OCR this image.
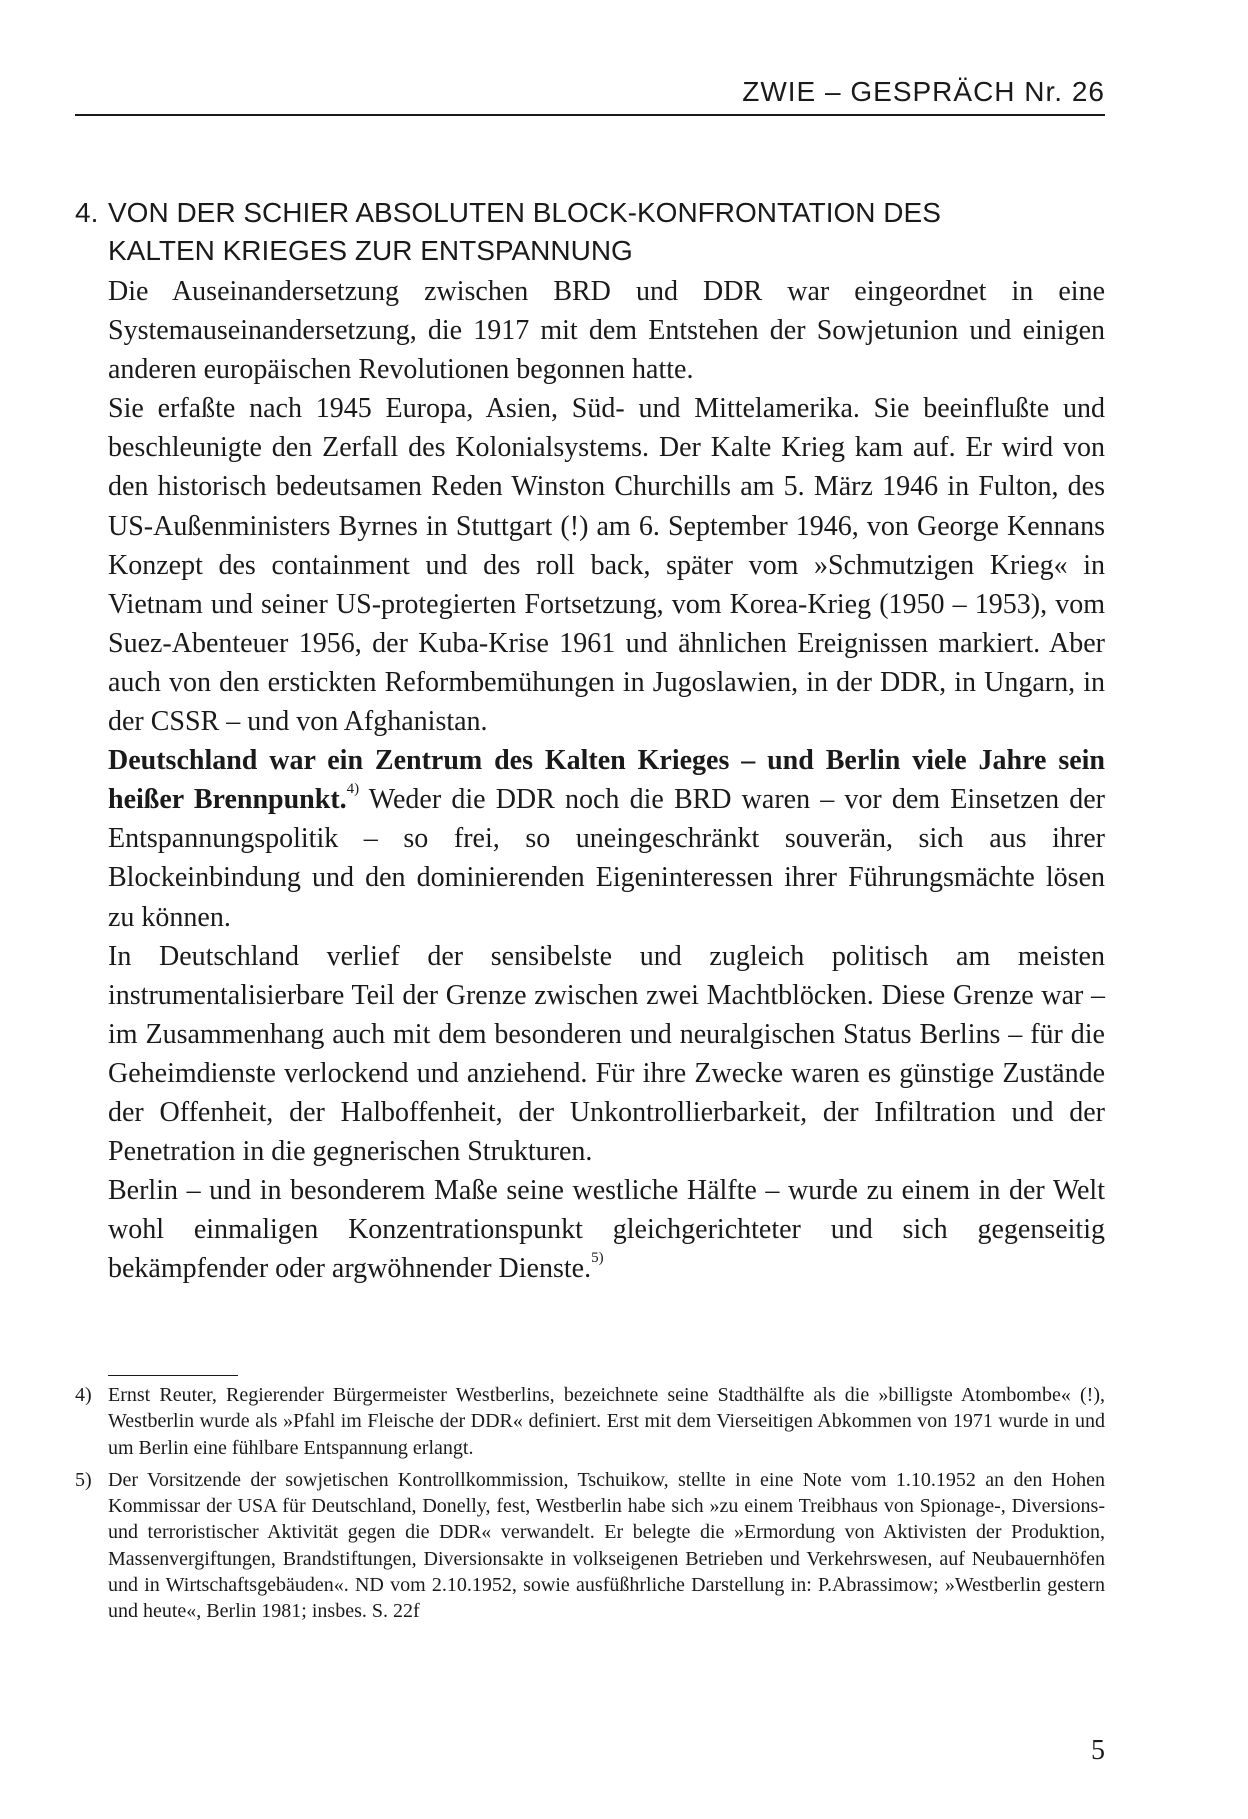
ZWIE – GESPRÄCH Nr. 26
4. VON DER SCHIER ABSOLUTEN BLOCK-KONFRONTATION DES
KALTEN KRIEGES ZUR ENTSPANNUNG

Die Auseinandersetzung zwischen BRD und DDR war eingeordnet in eine Systemauseinandersetzung, die 1917 mit dem Entstehen der Sowjetunion und einigen anderen europäischen Revolutionen begonnen hatte.

Sie erfaßte nach 1945 Europa, Asien, Süd- und Mittelamerika. Sie beeinflußte und beschleunigte den Zerfall des Kolonialsystems. Der Kalte Krieg kam auf. Er wird von den historisch bedeutsamen Reden Winston Churchills am 5. März 1946 in Fulton, des US-Außenministers Byrnes in Stuttgart (!) am 6. September 1946, von George Kennans Konzept des containment und des roll back, später vom »Schmutzigen Krieg« in Vietnam und seiner US-protegierten Fortsetzung, vom Korea-Krieg (1950 – 1953), vom Suez-Abenteuer 1956, der Kuba-Krise 1961 und ähnlichen Ereignissen markiert. Aber auch von den erstickten Reformbemühungen in Jugoslawien, in der DDR, in Ungarn, in der CSSR – und von Afghanistan.

Deutschland war ein Zentrum des Kalten Krieges – und Berlin viele Jahre sein heißer Brennpunkt.$^{4)}$ Weder die DDR noch die BRD waren – vor dem Einsetzen der Entspannungspolitik – so frei, so uneingeschränkt souverän, sich aus ihrer Blockeinbindung und den dominierenden Eigeninteressen ihrer Führungsmächte lösen zu können.

In Deutschland verlief der sensibelste und zugleich politisch am meisten instrumentalisierbare Teil der Grenze zwischen zwei Machtblöcken. Diese Grenze war – im Zusammenhang auch mit dem besonderen und neuralgischen Status Berlins – für die Geheimdienste verlockend und anziehend. Für ihre Zwecke waren es günstige Zustände der Offenheit, der Halboffenheit, der Unkontrollierbarkeit, der Infiltration und der Penetration in die gegnerischen Strukturen.

Berlin – und in besonderem Maße seine westliche Hälfte – wurde zu einem in der Welt wohl einmaligen Konzentrationspunkt gleichgerichteter und sich gegenseitig bekämpfender oder argwöhnender Dienste.$^{5)}$

4) Ernst Reuter, Regierender Bürgermeister Westberlins, bezeichnete seine Stadthälfte als die »billigste Atombombe« (!), Westberlin wurde als »Pfahl im Fleische der DDR« definiert. Erst mit dem Vierseitigen Abkommen von 1971 wurde in und um Berlin eine fühlbare Entspannung erlangt.
5) Der Vorsitzende der sowjetischen Kontrollkommission, Tschuikow, stellte in eine Note vom 1.10.1952 an den Hohen Kommissar der USA für Deutschland, Donelly, fest, Westberlin habe sich »zu einem Treibhaus von Spionage-, Diversions- und terroristischer Aktivität gegen die DDR« verwandelt. Er belegte die »Ermordung von Aktivisten der Produktion, Massenvergiftungen, Brandstiftungen, Diversionsakte in volkseigenen Betrieben und Verkehrswesen, auf Neubauernhöfen und in Wirtschaftsgebäuden«. ND vom 2.10.1952, sowie ausfüßhrliche Darstellung in: P.Abrassimow; »Westberlin gestern und heute«, Berlin 1981; insbes. S. 22f
5
